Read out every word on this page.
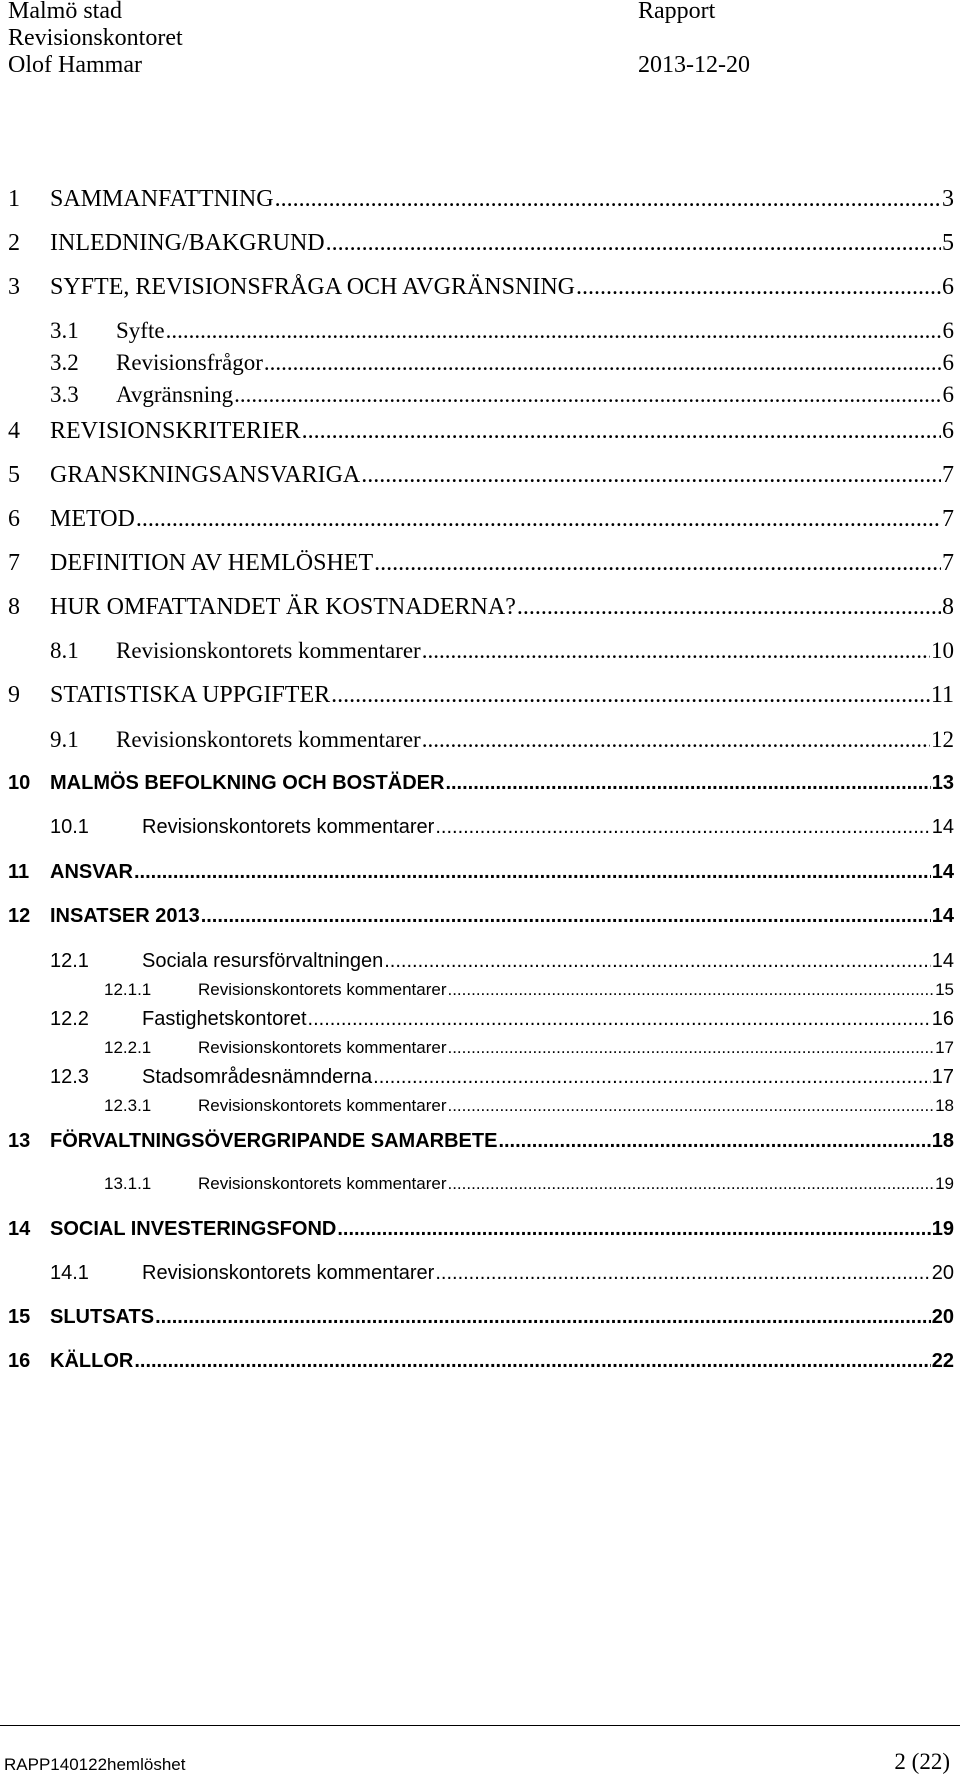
Malmö stad
Revisionskontoret
Olof Hammar
Rapport
2013-12-20
1	SAMMANFATTNING .....	3
2	INLEDNING/BAKGRUND .....	5
3	SYFTE, REVISIONSFRÅGA OCH AVGRÄNSNING .....	6
3.1	Syfte .....	6
3.2	Revisionsfrågor .....	6
3.3	Avgränsning .....	6
4	REVISIONSKRITERIER .....	6
5	GRANSKNINGSANSVARIGA .....	7
6	METOD .....	7
7	DEFINITION AV HEMLÖSHET .....	7
8	HUR OMFATTANDET ÄR KOSTNADERNA? .....	8
8.1	Revisionskontorets kommentarer .....	10
9	STATISTISKA UPPGIFTER .....	11
9.1	Revisionskontorets kommentarer .....	12
10 MALMÖS BEFOLKNING OCH BOSTÄDER .....	13
10.1	Revisionskontorets kommentarer .....	14
11	ANSVAR .....	14
12 INSATSER 2013 .....	14
12.1	Sociala resursförvaltningen .....	14
12.1.1	Revisionskontorets kommentarer .....	15
12.2	Fastighetskontoret .....	16
12.2.1	Revisionskontorets kommentarer .....	17
12.3	Stadsområdesnämnderna .....	17
12.3.1	Revisionskontorets kommentarer .....	18
13 FÖRVALTNINGSÖVERGRIPANDE SAMARBETE .....	18
13.1.1	Revisionskontorets kommentarer .....	19
14 SOCIAL INVESTERINGSFOND .....	19
14.1	Revisionskontorets kommentarer .....	20
15 SLUTSATS .....	20
16 KÄLLOR .....	22
RAPP140122hemlöshet	2 (22)
